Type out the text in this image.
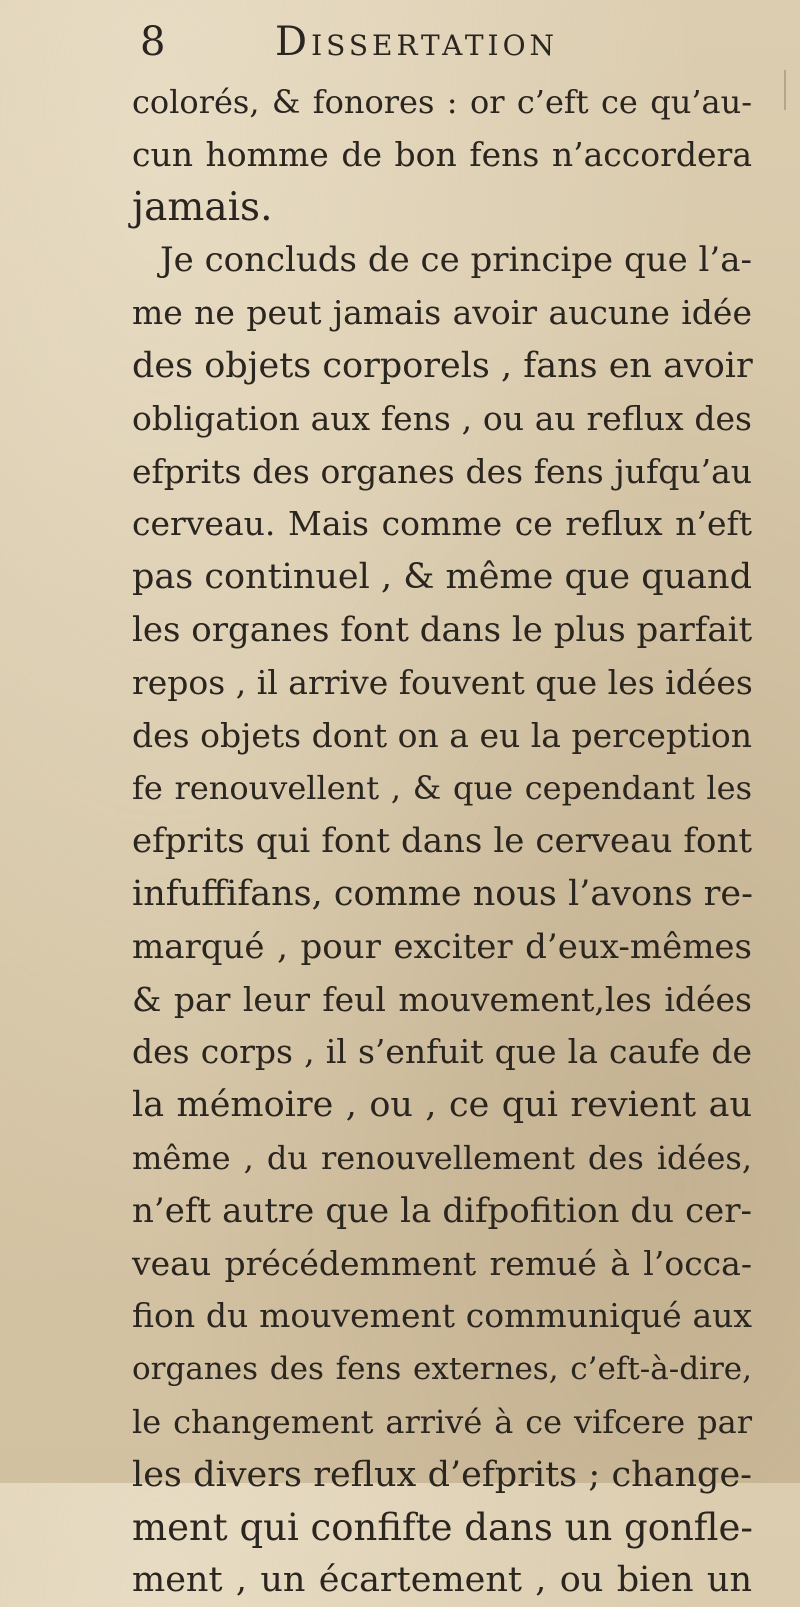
8	Dissertation
colorés, & fonores : or c’eft ce qu’au-
cun homme de bon fens n’accordera
jamais.
Je concluds de ce principe que l’a-
me ne peut jamais avoir aucune idée
des objets corporels , fans en avoir
obligation aux fens , ou au reflux des
efprits des organes des fens jufqu’au
cerveau. Mais comme ce reflux n’eft
pas continuel , & même que quand
les organes font dans le plus parfait
repos , il arrive fouvent que les idées
des objets dont on a eu la perception
fe renouvellent , & que cependant les
efprits qui font dans le cerveau font
infuffifans, comme nous l’avons re-
marqué , pour exciter d’eux-mêmes
& par leur feul mouvement,les idées
des corps , il s’enfuit que la caufe de
la mémoire , ou , ce qui revient au
même , du renouvellement des idées,
n’eft autre que la difpofition du cer-
veau précédemment remué à l’occa-
fion du mouvement communiqué aux
organes des fens externes, c’eft-à-dire,
le changement arrivé à ce vifcere par
les divers reflux d’efprits ; change-
ment qui confifte dans un gonfle-
ment , un écartement , ou bien un
